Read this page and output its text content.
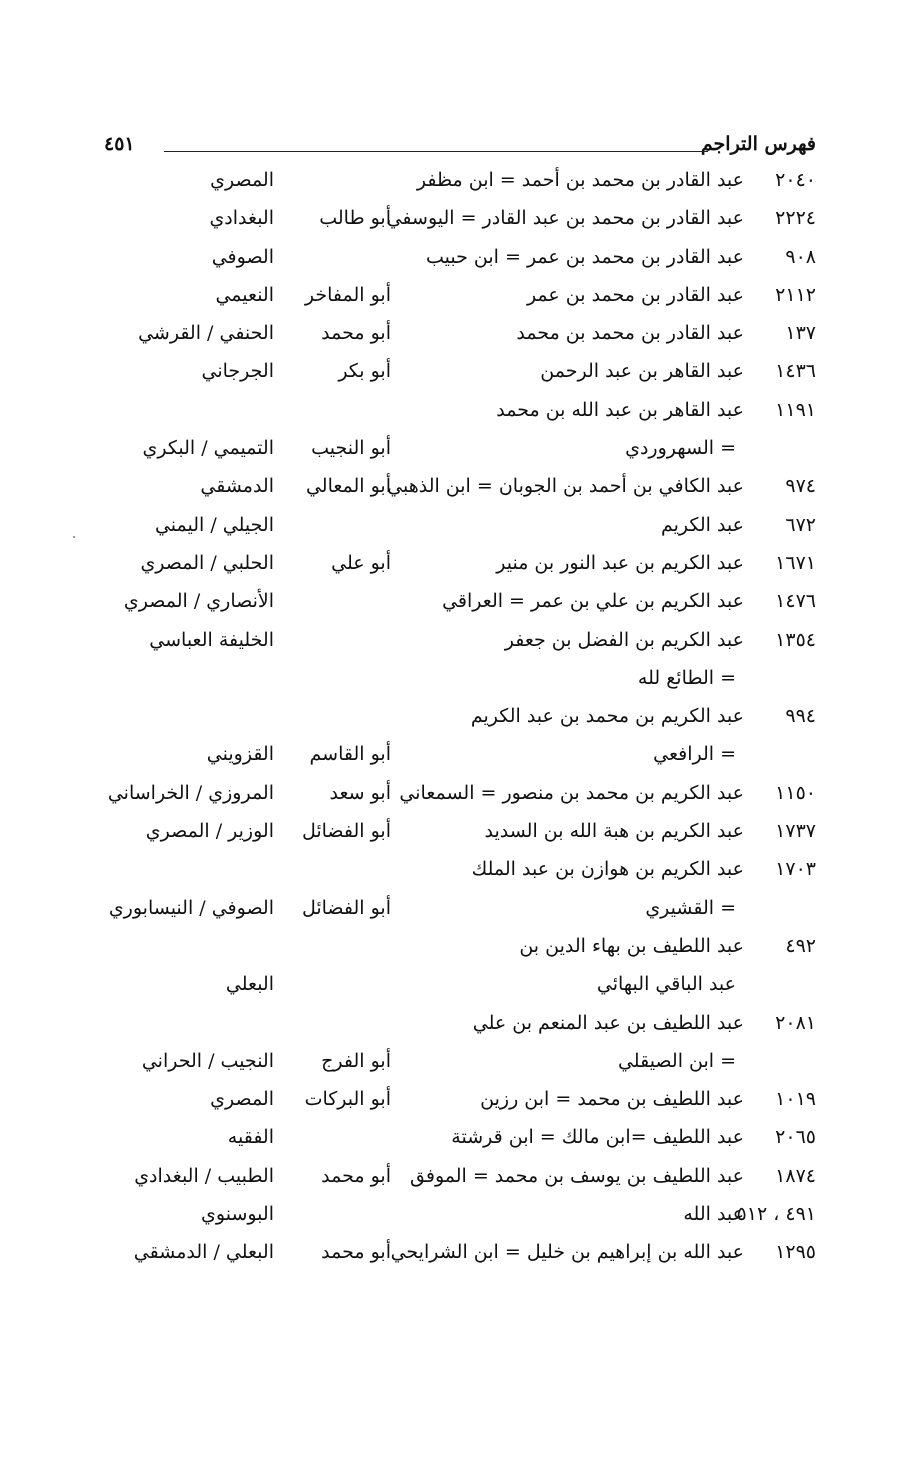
فهرس التراجم
٤٥١
٢٠٤٠
عبد القادر بن محمد بن أحمد = ابن مظفر
المصري
٢٢٢٤
عبد القادر بن محمد بن عبد القادر = اليوسفي
أبو طالب
البغدادي
٩٠٨
عبد القادر بن محمد بن عمر = ابن حبيب
الصوفي
٢١١٢
عبد القادر بن محمد بن عمر
أبو المفاخر
النعيمي
١٣٧
عبد القادر بن محمد بن محمد
أبو محمد
الحنفي / القرشي
١٤٣٦
عبد القاهر بن عبد الرحمن
أبو بكر
الجرجاني
١١٩١
عبد القاهر بن عبد الله بن محمد
= السهروردي
أبو النجيب
التميمي / البكري
٩٧٤
عبد الكافي بن أحمد بن الجوبان = ابن الذهبي
أبو المعالي
الدمشقي
٦٧٢
عبد الكريم
الجيلي / اليمني
١٦٧١
عبد الكريم بن عبد النور بن منير
أبو علي
الحلبي / المصري
١٤٧٦
عبد الكريم بن علي بن عمر = العراقي
الأنصاري / المصري
١٣٥٤
عبد الكريم بن الفضل بن جعفر
الخليفة العباسي
= الطائع لله
٩٩٤
عبد الكريم بن محمد بن عبد الكريم
= الرافعي
أبو القاسم
القزويني
١١٥٠
عبد الكريم بن محمد بن منصور = السمعاني
أبو سعد
المروزي / الخراساني
١٧٣٧
عبد الكريم بن هبة الله بن السديد
أبو الفضائل
الوزير / المصري
١٧٠٣
عبد الكريم بن هوازن بن عبد الملك
= القشيري
أبو الفضائل
الصوفي / النيسابوري
٤٩٢
عبد اللطيف بن بهاء الدين بن
عبد الباقي البهائي
البعلي
٢٠٨١
عبد اللطيف بن عبد المنعم بن علي
= ابن الصيقلي
أبو الفرج
النجيب / الحراني
١٠١٩
عبد اللطيف بن محمد = ابن رزين
أبو البركات
المصري
٢٠٦٥
عبد اللطيف =ابن مالك = ابن قرشتة
الفقيه
١٨٧٤
عبد اللطيف بن يوسف بن محمد = الموفق
أبو محمد
الطبيب / البغدادي
٤٩١ ، ٥١٢
عبد الله
البوسنوي
١٢٩٥
عبد الله بن إبراهيم بن خليل = ابن الشرايحي
أبو محمد
البعلي / الدمشقي
